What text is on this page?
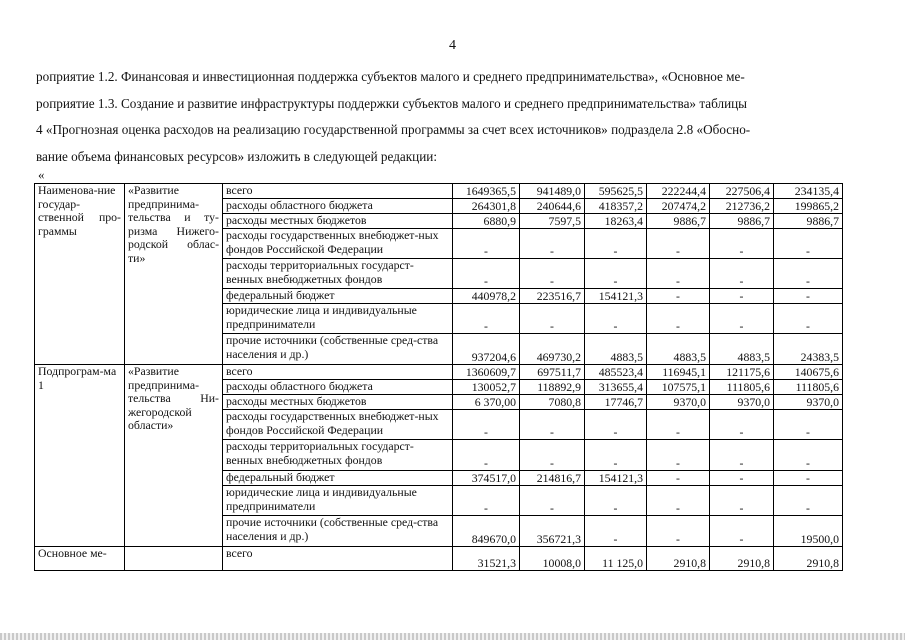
4
роприятие 1.2. Финансовая и инвестиционная поддержка субъектов малого и среднего предпринимательства», «Основное ме-
роприятие 1.3. Создание и развитие инфраструктуры поддержки субъектов малого и среднего предпринимательства» таблицы
4 «Прогнозная оценка расходов на реализацию государственной программы за счет всех источников» подраздела 2.8 «Обосно-
вание объема финансовых ресурсов» изложить в следующей редакции:
«
Наименова-ние государ-ственной про-граммы	«Развитие предпринима-тельства и ту-ризма Нижего-родской облас-ти»	всего	1649365,5	941489,0	595625,5	222244,4	227506,4	234135,4
		расходы областного бюджета	264301,8	240644,6	418357,2	207474,2	212736,2	199865,2
		расходы местных бюджетов	6880,9	7597,5	18263,4	9886,7	9886,7	9886,7
		расходы государственных внебюджет-ных фондов Российской Федерации	-	-	-	-	-	-
		расходы территориальных государст-венных внебюджетных фондов	-	-	-	-	-	-
		федеральный бюджет	440978,2	223516,7	154121,3	-	-	-
		юридические лица и индивидуальные предприниматели	-	-	-	-	-	-
		прочие источники (собственные сред-ства населения и др.)	937204,6	469730,2	4883,5	4883,5	4883,5	24383,5
Подпрограм-ма 1	«Развитие предпринима-тельства Ни-жегородской области»	всего	1360609,7	697511,7	485523,4	116945,1	121175,6	140675,6
		расходы областного бюджета	130052,7	118892,9	313655,4	107575,1	111805,6	111805,6
		расходы местных бюджетов	6 370,00	7080,8	17746,7	9370,0	9370,0	9370,0
		расходы государственных внебюджет-ных фондов Российской Федерации	-	-	-	-	-	-
		расходы территориальных государст-венных внебюджетных фондов	-	-	-	-	-	-
		федеральный бюджет	374517,0	214816,7	154121,3	-	-	-
		юридические лица и индивидуальные предприниматели	-	-	-	-	-	-
		прочие источники (собственные сред-ства населения и др.)	849670,0	356721,3	-	-	-	19500,0
Основное ме-		всего	31521,3	10008,0	11 125,0	2910,8	2910,8	2910,8
